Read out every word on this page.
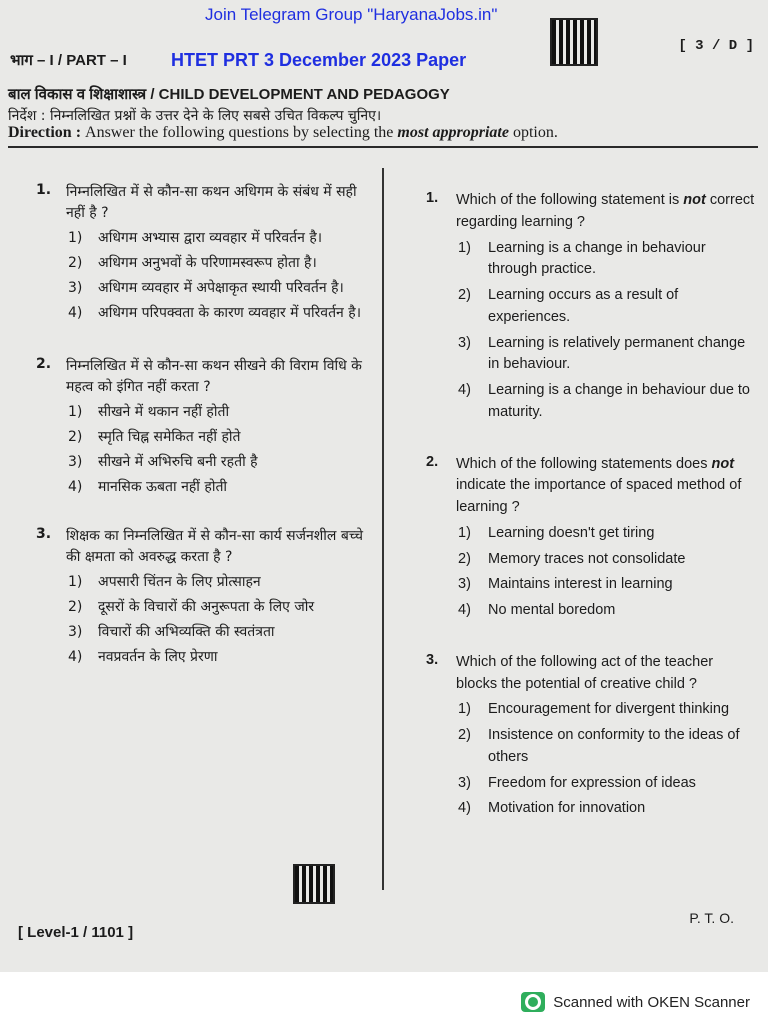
Join Telegram Group "HaryanaJobs.in"
भाग – I / PART – I HTET PRT 3 December 2023 Paper
[ 3 / D ]
बाल विकास व शिक्षाशास्त्र / CHILD DEVELOPMENT AND PEDAGOGY
निर्देश : निम्नलिखित प्रश्नों के उत्तर देने के लिए सबसे उचित विकल्प चुनिए।
Direction : Answer the following questions by selecting the most appropriate option.
1.	निम्नलिखित में से कौन-सा कथन अधिगम के संबंध में सही नहीं है ?
1)	अधिगम अभ्यास द्वारा व्यवहार में परिवर्तन है।
2)	अधिगम अनुभवों के परिणामस्वरूप होता है।
3)	अधिगम व्यवहार में अपेक्षाकृत स्थायी परिवर्तन है।
4)	अधिगम परिपक्वता के कारण व्यवहार में परिवर्तन है।
2.	निम्नलिखित में से कौन-सा कथन सीखने की विराम विधि के महत्व को इंगित नहीं करता ?
1)	सीखने में थकान नहीं होती
2)	स्मृति चिह्न समेकित नहीं होते
3)	सीखने में अभिरुचि बनी रहती है
4)	मानसिक ऊबता नहीं होती
3.	शिक्षक का निम्नलिखित में से कौन-सा कार्य सर्जनशील बच्चे की क्षमता को अवरुद्ध करता है ?
1)	अपसारी चिंतन के लिए प्रोत्साहन
2)	दूसरों के विचारों की अनुरूपता के लिए जोर
3)	विचारों की अभिव्यक्ति की स्वतंत्रता
4)	नवप्रवर्तन के लिए प्रेरणा
1.	Which of the following statement is not correct regarding learning ?
1)	Learning is a change in behaviour through practice.
2)	Learning occurs as a result of experiences.
3)	Learning is relatively permanent change in behaviour.
4)	Learning is a change in behaviour due to maturity.
2.	Which of the following statements does not indicate the importance of spaced method of learning ?
1)	Learning doesn't get tiring
2)	Memory traces not consolidate
3)	Maintains interest in learning
4)	No mental boredom
3.	Which of the following act of the teacher blocks the potential of creative child ?
1)	Encouragement for divergent thinking
2)	Insistence on conformity to the ideas of others
3)	Freedom for expression of ideas
4)	Motivation for innovation
[ Level-1 / 1101 ]
P. T. O.
Scanned with OKEN Scanner
